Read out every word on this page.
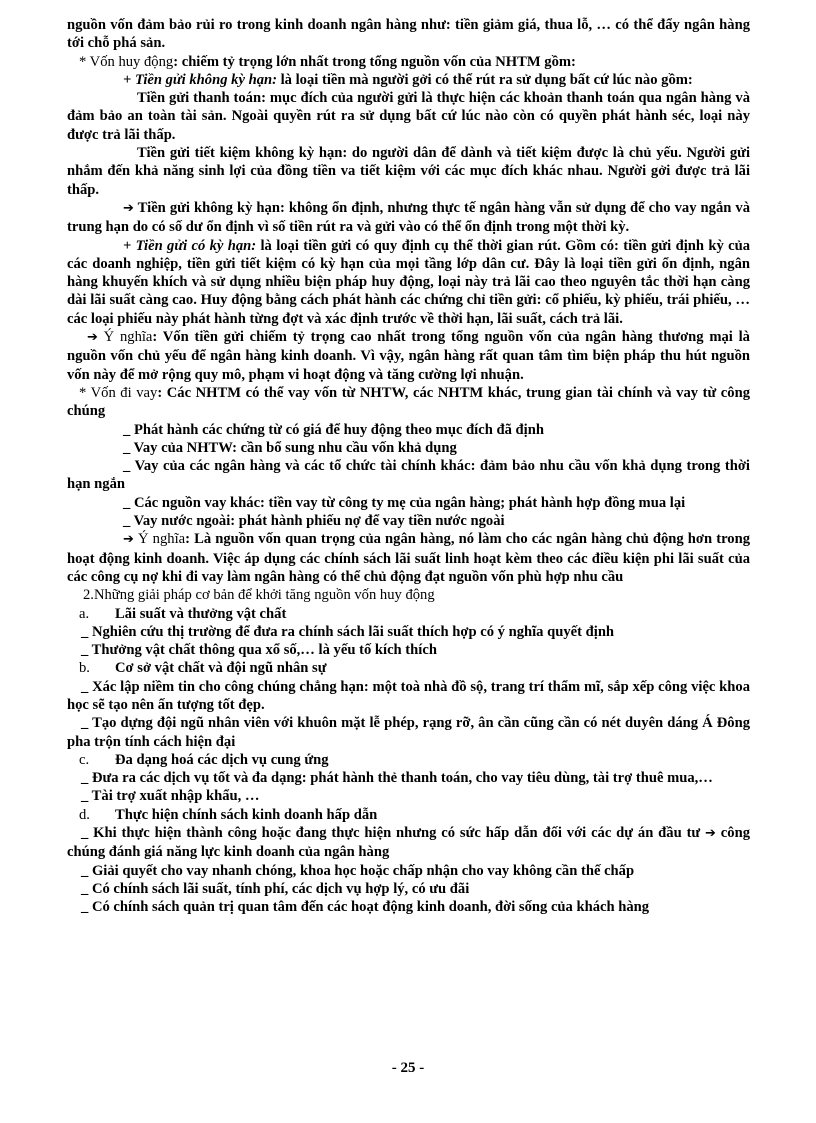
nguồn vốn đảm bảo rủi ro trong kinh doanh ngân hàng như: tiền giảm giá, thua lỗ, … có thể đẩy ngân hàng tới chỗ phá sản.

* Vốn huy động: chiếm tỷ trọng lớn nhất trong tổng nguồn vốn của NHTM gồm:

+ Tiền gửi không kỳ hạn: là loại tiền mà người gởi có thể rút ra sử dụng bất cứ lúc nào gồm:

Tiền gửi thanh toán: mục đích của người gửi là thực hiện các khoản thanh toán qua ngân hàng và đảm bảo an toàn tài sản. Ngoài quyền rút ra sử dụng bất cứ lúc nào còn có quyền phát hành séc, loại này được trả lãi thấp.

Tiền gửi tiết kiệm không kỳ hạn: do người dân để dành và tiết kiệm được là chủ yếu. Người gửi nhắm đến khả năng sinh lợi của đồng tiền va tiết kiệm với các mục đích khác nhau. Người gởi được trả lãi thấp.

➔ Tiền gửi không kỳ hạn: không ổn định, nhưng thực tế ngân hàng vẫn sử dụng để cho vay ngắn và trung hạn do có số dư ổn định vì số tiền rút ra và gửi vào có thể ổn định trong một thời kỳ.

+ Tiền gửi có kỳ hạn: là loại tiền gửi có quy định cụ thể thời gian rút. Gồm có: tiền gửi định kỳ của các doanh nghiệp, tiền gửi tiết kiệm có kỳ hạn của mọi tầng lớp dân cư. Đây là loại tiền gửi ổn định, ngân hàng khuyến khích và sử dụng nhiều biện pháp huy động, loại này trả lãi cao theo nguyên tắc thời hạn càng dài lãi suất càng cao. Huy động bằng cách phát hành các chứng chỉ tiền gửi: cổ phiếu, kỳ phiếu, trái phiếu, … các loại phiếu này phát hành từng đợt và xác định trước về thời hạn, lãi suất, cách trả lãi.

➔ Ý nghĩa: Vốn tiền gửi chiếm tỷ trọng cao nhất trong tổng nguồn vốn của ngân hàng thương mại là nguồn vốn chủ yếu để ngân hàng kinh doanh. Vì vậy, ngân hàng rất quan tâm tìm biện pháp thu hút nguồn vốn này để mở rộng quy mô, phạm vi hoạt động và tăng cường lợi nhuận.

* Vốn đi vay: Các NHTM có thể vay vốn từ NHTW, các NHTM khác, trung gian tài chính và vay từ công chúng

_ Phát hành các chứng từ có giá để huy động theo mục đích đã định

_ Vay của NHTW: cần bổ sung nhu cầu vốn khả dụng

_ Vay của các ngân hàng và các tổ chức tài chính khác: đảm bảo nhu cầu vốn khả dụng trong thời hạn ngắn

_ Các nguồn vay khác: tiền vay từ công ty mẹ của ngân hàng; phát hành hợp đồng mua lại

_ Vay nước ngoài: phát hành phiếu nợ để vay tiền nước ngoài

➔ Ý nghĩa: Là nguồn vốn quan trọng của ngân hàng, nó làm cho các ngân hàng chủ động hơn trong hoạt động kinh doanh. Việc áp dụng các chính sách lãi suất linh hoạt kèm theo các điều kiện phi lãi suất của các công cụ nợ khi đi vay làm ngân hàng có thể chủ động đạt nguồn vốn phù hợp nhu cầu

2.Những giải pháp cơ bản để khởi tăng nguồn vốn huy động

a.	Lãi suất và thưởng vật chất

_ Nghiên cứu thị trường để đưa ra chính sách lãi suất thích hợp có ý nghĩa quyết định

_ Thưởng vật chất thông qua xổ số,… là yếu tố kích thích

b.	Cơ sở vật chất và đội ngũ nhân sự

_ Xác lập niềm tin cho công chúng chẳng hạn: một toà nhà đồ sộ, trang trí thẩm mĩ, sắp xếp công việc khoa học sẽ tạo nên ấn tượng tốt đẹp.

_ Tạo dựng đội ngũ nhân viên với khuôn mặt lễ phép, rạng rỡ, ân cần cũng cần có nét duyên dáng Á Đông pha trộn tính cách hiện đại

c.	Đa dạng hoá các dịch vụ cung ứng

_ Đưa ra các dịch vụ tốt và đa dạng: phát hành thẻ thanh toán, cho vay tiêu dùng, tài trợ thuê mua,…

_ Tài trợ xuất nhập khẩu, …

d.	Thực hiện chính sách kinh doanh hấp dẫn

_ Khi thực hiện thành công hoặc đang thực hiện nhưng có sức hấp dẫn đối với các dự án đầu tư ➔ công chúng đánh giá năng lực kinh doanh của ngân hàng

_ Giải quyết cho vay nhanh chóng, khoa học hoặc chấp nhận cho vay không cần thế chấp

_ Có chính sách lãi suất, tính phí, các dịch vụ hợp lý, có ưu đãi

_ Có chính sách quản trị quan tâm đến các hoạt động kinh doanh, đời sống của khách hàng

- 25 -
